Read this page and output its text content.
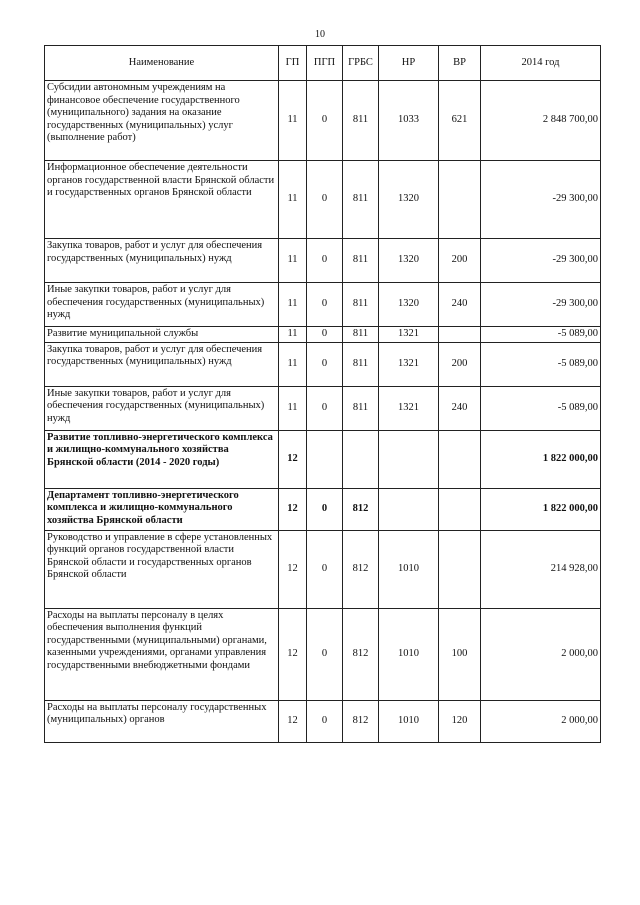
10
Наименование	ГП	ПГП	ГРБС	НР	ВР	2014 год
Субсидии автономным учреждениям на финансовое обеспечение государственного (муниципального) задания на оказание государственных (муниципальных) услуг (выполнение работ)	11	0	811	1033	621	2 848 700,00
Информационное обеспечение деятельности органов государственной власти Брянской области и государственных органов Брянской области	11	0	811	1320		-29 300,00
Закупка товаров, работ и услуг для обеспечения государственных (муниципальных) нужд	11	0	811	1320	200	-29 300,00
Иные закупки товаров, работ и услуг для обеспечения государственных (муниципальных) нужд	11	0	811	1320	240	-29 300,00
Развитие муниципальной службы	11	0	811	1321		-5 089,00
Закупка товаров, работ и услуг для обеспечения государственных (муниципальных) нужд	11	0	811	1321	200	-5 089,00
Иные закупки товаров, работ и услуг для обеспечения государственных (муниципальных) нужд	11	0	811	1321	240	-5 089,00
Развитие топливно-энергетического комплекса и жилищно-коммунального хозяйства Брянской области (2014 - 2020 годы)	12					1 822 000,00
Департамент топливно-энергетического комплекса и жилищно-коммунального хозяйства Брянской области	12	0	812			1 822 000,00
Руководство и управление в сфере установленных функций органов государственной власти Брянской области и государственных органов Брянской области	12	0	812	1010		214 928,00
Расходы на выплаты персоналу в целях обеспечения выполнения функций государственными (муниципальными) органами, казенными учреждениями, органами управления государственными внебюджетными фондами	12	0	812	1010	100	2 000,00
Расходы на выплаты персоналу государственных (муниципальных) органов	12	0	812	1010	120	2 000,00
